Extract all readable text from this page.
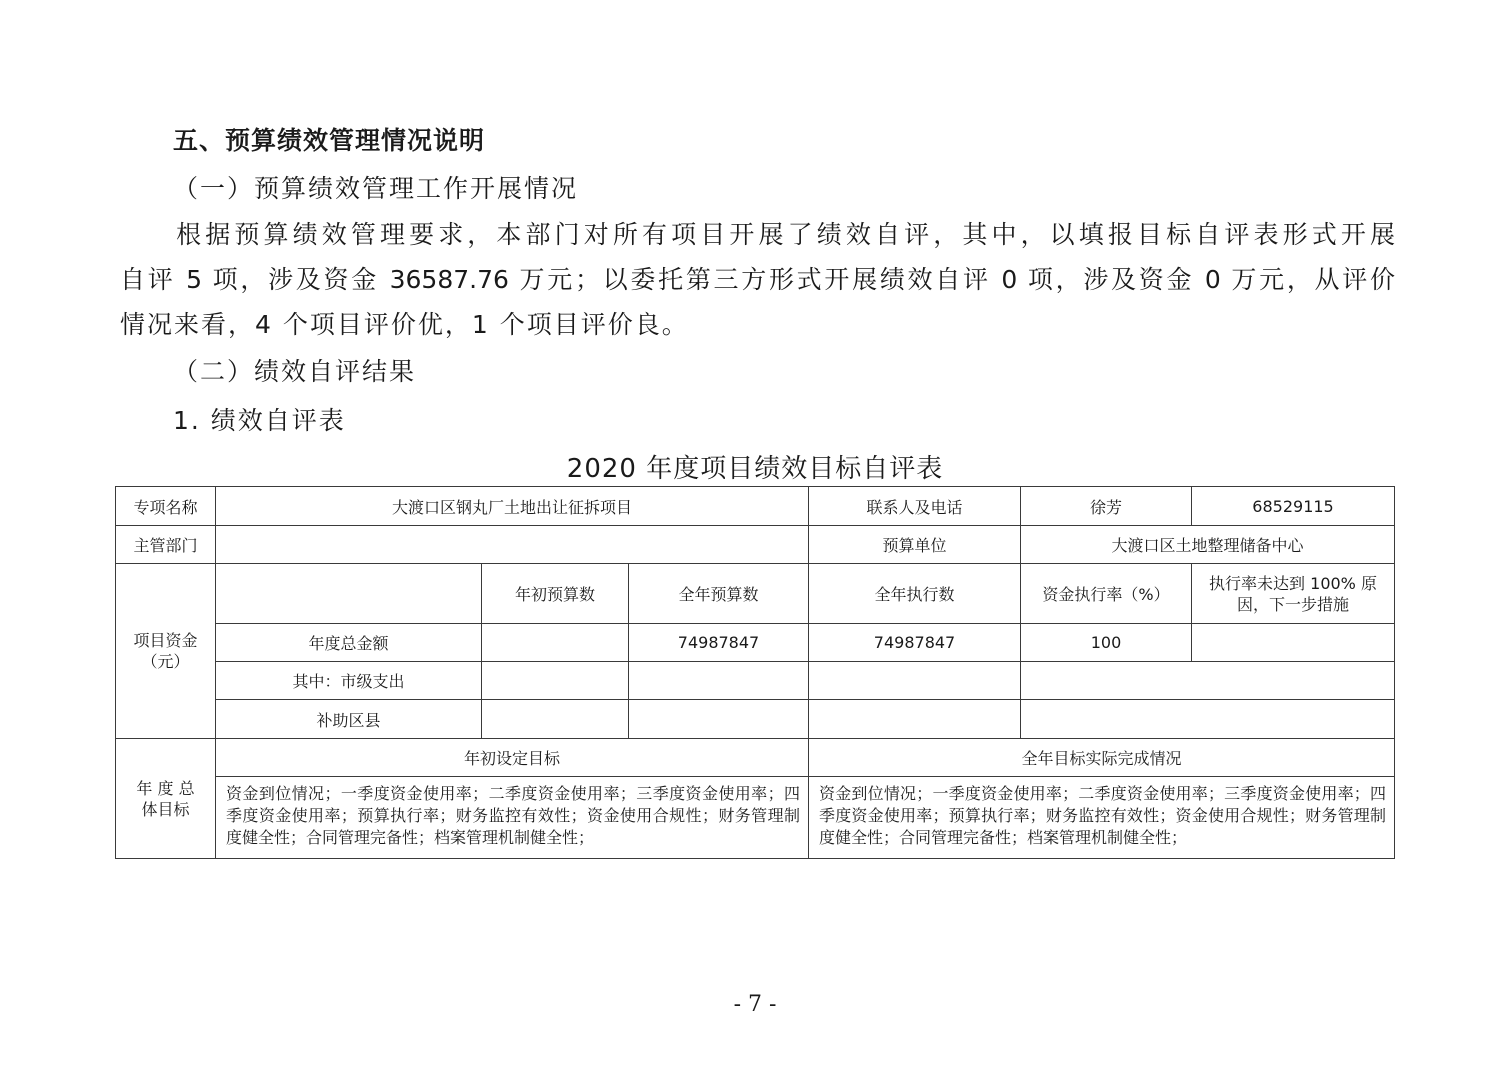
五、预算绩效管理情况说明
（一）预算绩效管理工作开展情况
根据预算绩效管理要求，本部门对所有项目开展了绩效自评，其中，以填报目标自评表形式开展
自评 5 项，涉及资金 36587.76 万元；以委托第三方形式开展绩效自评 0 项，涉及资金 0 万元，从评价
情况来看，4 个项目评价优，1 个项目评价良。
（二）绩效自评结果
1. 绩效自评表
2020 年度项目绩效目标自评表
专项名称	大渡口区钢丸厂土地出让征拆项目			联系人及电话	徐芳	68529115
主管部门				预算单位	大渡口区土地整理储备中心	
项目资金（元）		年初预算数	全年预算数	全年执行数	资金执行率（%）	执行率未达到 100% 原因，下一步措施
	年度总金额		74987847	74987847	100	
	其中：市级支出					
	补助区县					
年 度 总体目标	年初设定目标			全年目标实际完成情况		
	资金到位情况；一季度资金使用率；二季度资金使用率；三季度资金使用率；四季度资金使用率；预算执行率；财务监控有效性；资金使用合规性；财务管理制度健全性；合同管理完备性；档案管理机制健全性；			资金到位情况；一季度资金使用率；二季度资金使用率；三季度资金使用率；四季度资金使用率；预算执行率；财务监控有效性；资金使用合规性；财务管理制度健全性；合同管理完备性；档案管理机制健全性；		
- 7 -
